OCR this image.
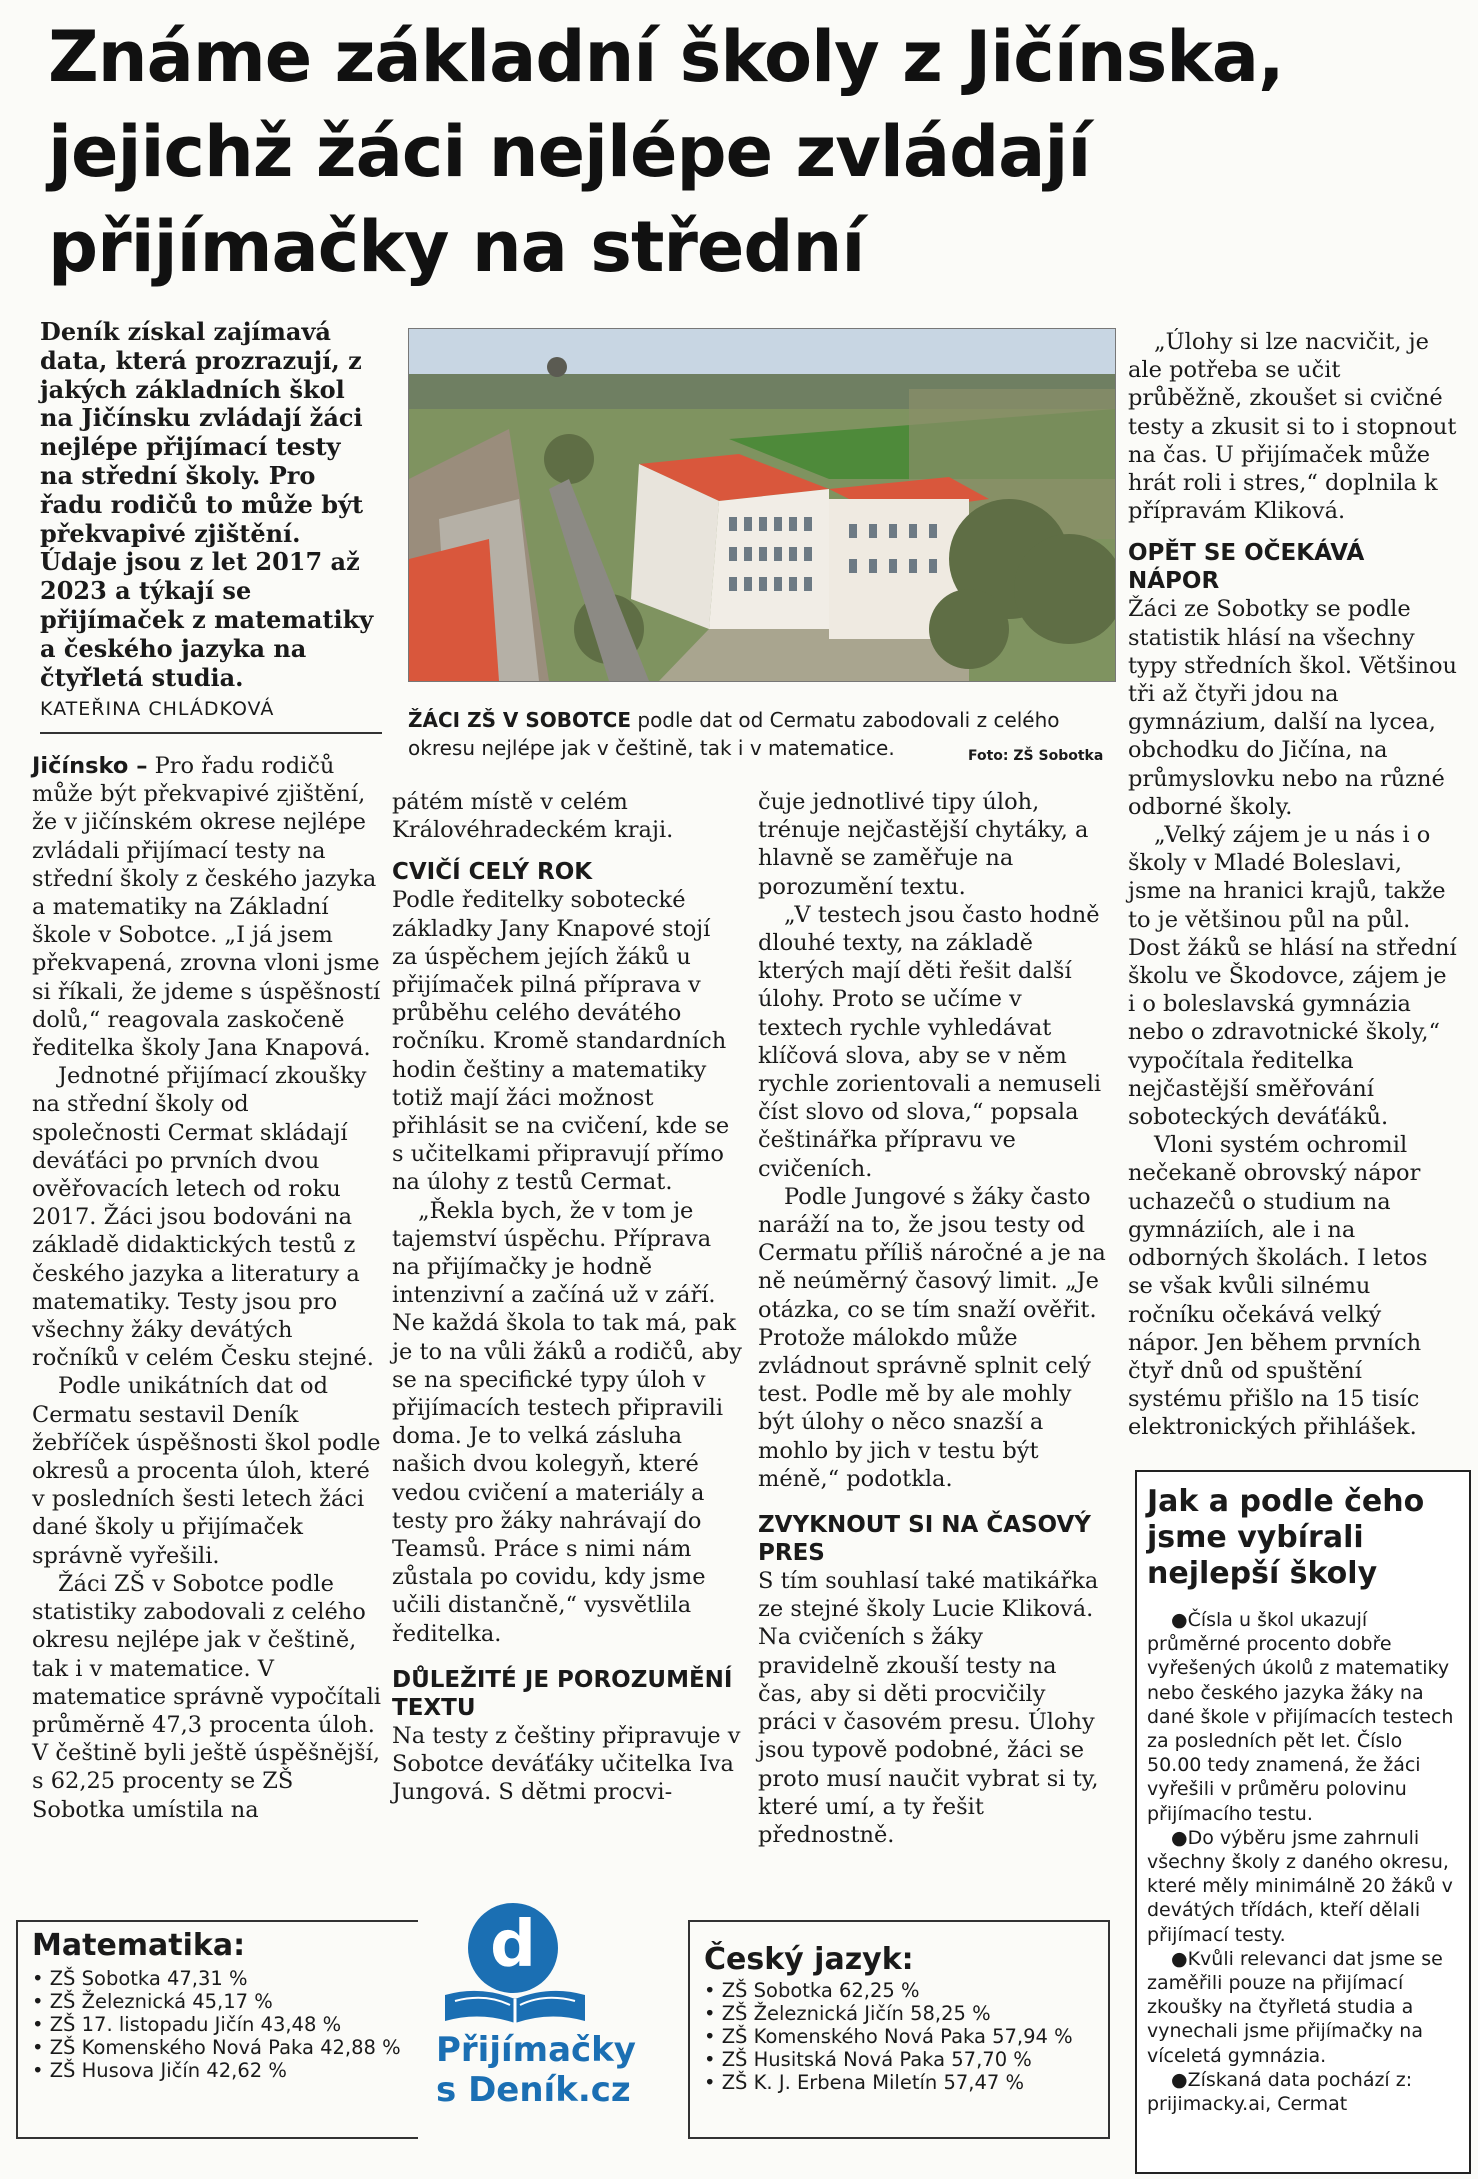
Známe základní školy z Jičínska, jejichž žáci nejlépe zvládají přijímačky na střední
Deník získal zajímavá data, která prozrazují, z jakých základních škol na Jičínsku zvládají žáci nejlépe přijímací testy na střední školy. Pro řadu rodičů to může být překvapivé zjištění. Údaje jsou z let 2017 až 2023 a týkají se přijímaček z matematiky a českého jazyka na čtyřletá studia.
KATEŘINA CHLÁDKOVÁ	ŽÁCI ZŠ V SOBOTCE podle dat od Cermatu zabodovali z celého okresu nejlépe jak v češtině, tak i v matematice.	Foto: ZŠ Sobotka

Jičínsko – Pro řadu rodičů může být překvapivé zjištění, že v jičínském okrese nejlépe zvládali přijímací testy na střední školy z českého jazyka a matematiky na Základní škole v Sobotce. „I já jsem překvapená, zrovna vloni jsme si říkali, že jdeme s úspěšností dolů,“ reagovala zaskočeně ředitelka školy Jana Knapová.

Jednotné přijímací zkoušky na střední školy od společnosti Cermat skládají deváťáci po prvních dvou ověřovacích letech od roku 2017. Žáci jsou bodováni na základě didaktických testů z českého jazyka a literatury a matematiky. Testy jsou pro všechny žáky devátých ročníků v celém Česku stejné.

Podle unikátních dat od Cermatu sestavil Deník žebříček úspěšnosti škol podle okresů a procenta úloh, které v posledních šesti letech žáci dané školy u přijímaček správně vyřešili.

Žáci ZŠ v Sobotce podle statistiky zabodovali z celého okresu nejlépe jak v češtině, tak i v matematice. V matematice správně vypočítali průměrně 47,3 procenta úloh. V češtině byli ještě úspěšnější, s 62,25 procenty se ZŠ Sobotka umístila na

pátém místě v celém Královéhradeckém kraji.

CVIČÍ CELÝ ROK

Podle ředitelky sobotecké základky Jany Knapové stojí za úspěchem jejích žáků u přijímaček pilná příprava v průběhu celého devátého ročníku. Kromě standardních hodin češtiny a matematiky totiž mají žáci možnost přihlásit se na cvičení, kde se s učitelkami připravují přímo na úlohy z testů Cermat.

„Řekla bych, že v tom je tajemství úspěchu. Příprava na přijímačky je hodně intenzivní a začíná už v září. Ne každá škola to tak má, pak je to na vůli žáků a rodičů, aby se na specifické typy úloh v přijímacích testech připravili doma. Je to velká zásluha našich dvou kolegyň, které vedou cvičení a materiály a testy pro žáky nahrávají do Teamsů. Práce s nimi nám zůstala po covidu, kdy jsme učili distančně,“ vysvětlila ředitelka.

DŮLEŽITÉ JE POROZUMĚNÍ TEXTU

Na testy z češtiny připravuje v Sobotce deváťáky učitelka Iva Jungová. S dětmi procvi-

čuje jednotlivé tipy úloh, trénuje nejčastější chytáky, a hlavně se zaměřuje na porozumění textu.

„V testech jsou často hodně dlouhé texty, na základě kterých mají děti řešit další úlohy. Proto se učíme v textech rychle vyhledávat klíčová slova, aby se v něm rychle zorientovali a nemuseli číst slovo od slova,“ popsala češtinářka přípravu ve cvičeních.

Podle Jungové s žáky často naráží na to, že jsou testy od Cermatu příliš náročné a je na ně neúměrný časový limit. „Je otázka, co se tím snaží ověřit. Protože málokdo může zvládnout správně splnit celý test. Podle mě by ale mohly být úlohy o něco snazší a mohlo by jich v testu být méně,“ podotkla.

ZVYKNOUT SI NA ČASOVÝ PRES

S tím souhlasí také matikářka ze stejné školy Lucie Kliková. Na cvičeních s žáky pravidelně zkouší testy na čas, aby si děti procvičily práci v časovém presu. Úlohy jsou typově podobné, žáci se proto musí naučit vybrat si ty, které umí, a ty řešit přednostně.

„Úlohy si lze nacvičit, je ale potřeba se učit průběžně, zkoušet si cvičné testy a zkusit si to i stopnout na čas. U přijímaček může hrát roli i stres,“ doplnila k přípravám Kliková.

OPĚT SE OČEKÁVÁ NÁPOR

Žáci ze Sobotky se podle statistik hlásí na všechny typy středních škol. Většinou tři až čtyři jdou na gymnázium, další na lycea, obchodku do Jičína, na průmyslovku nebo na různé odborné školy.

„Velký zájem je u nás i o školy v Mladé Boleslavi, jsme na hranici krajů, takže to je většinou půl na půl. Dost žáků se hlásí na střední školu ve Škodovce, zájem je i o boleslavská gymnázia nebo o zdravotnické školy,“ vypočítala ředitelka nejčastější směřování soboteckých deváťáků.

Vloni systém ochromil nečekaně obrovský nápor uchazečů o studium na gymnáziích, ale i na odborných školách. I letos se však kvůli silnému ročníku očekává velký nápor. Jen během prvních čtyř dnů od spuštění systému přišlo na 15 tisíc elektronických přihlášek.

Jak a podle čeho jsme vybírali nejlepší školy

●Čísla u škol ukazují průměrné procento dobře vyřešených úkolů z matematiky nebo českého jazyka žáky na dané škole v přijímacích testech za posledních pět let. Číslo 50.00 tedy znamená, že žáci vyřešili v průměru polovinu přijímacího testu.

●Do výběru jsme zahrnuli všechny školy z daného okresu, které měly minimálně 20 žáků v devátých třídách, kteří dělali přijímací testy.

●Kvůli relevanci dat jsme se zaměřili pouze na přijímací zkoušky na čtyřletá studia a vynechali jsme přijímačky na víceletá gymnázia.

●Získaná data pochází z: prijimacky.ai, Cermat

Matematika:
• ZŠ Sobotka 47,31 %
• ZŠ Železnická 45,17 %
• ZŠ 17. listopadu Jičín 43,48 %
• ZŠ Komenského Nová Paka 42,88 %
• ZŠ Husova Jičín 42,62 %
d
Přijímačky
s Deník.cz
Český jazyk:
• ZŠ Sobotka 62,25 %
• ZŠ Železnická Jičín 58,25 %
• ZŠ Komenského Nová Paka 57,94 %
• ZŠ Husitská Nová Paka 57,70 %
• ZŠ K. J. Erbena Miletín 57,47 %
